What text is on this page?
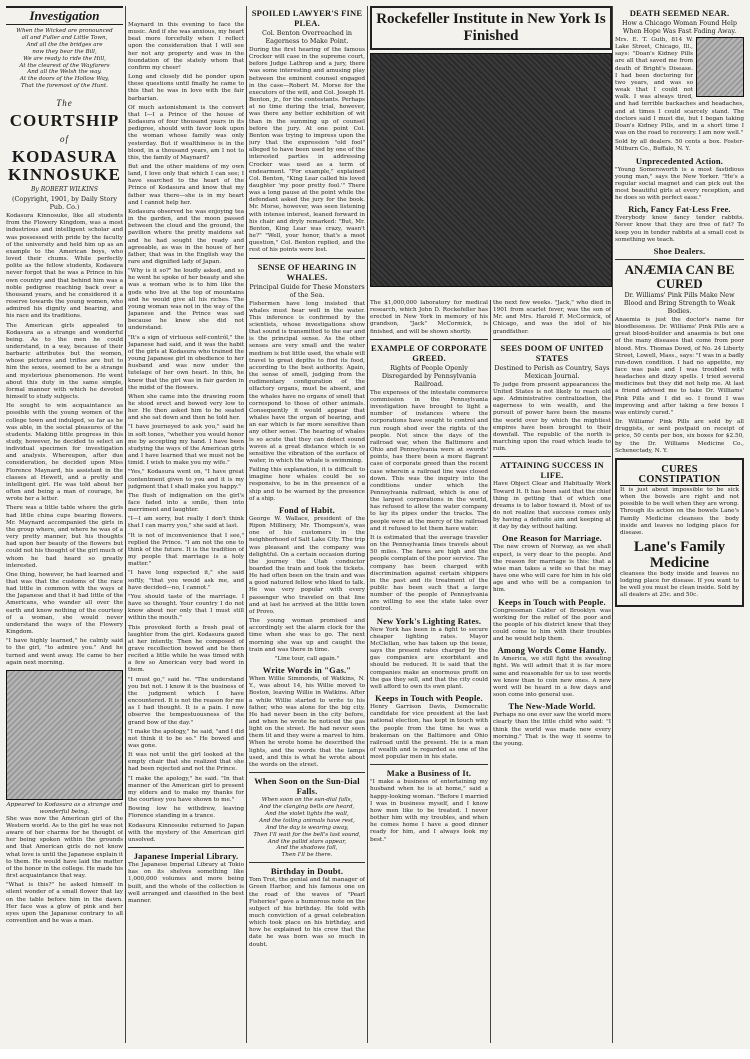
Investigation
When the Wicked are pronounced
all and Fuller and Little Town,
And all the the bridges are
now they bear the Bill,
We are ready to ride the Hill,
At the clearest of the Wayfarers
And all the Welsh the way.
At the doors of the Hollow Way,
That the foremost of the Hunt.
The
COURTSHIP
of
KODASURA
KINNOSUKE
By ROBERT WILKINS
(Copyright, 1901, by Daily Story Pub. Co.)

Kodasura Kinnosuke, like all students from the Flowery Kingdom, was a most industrious and intelligent scholar and was possessed with pride by the faculty of the university and held him up as an example to the American boys, who loved their chums. While perfectly polite as the fellow students, Kodasura never forgot that he was a Prince in his own country and that behind him was a noble pedigree reaching back over a thousand years, and he considered it a reserve towards the young women, who admired his dignity and bearing, and his race and its traditions.

The American girls appealed to Kodasura as a strange and wonderful being. As to the men he could understand, in a way, because of their barbaric attributes but the women, whose pictures and trifles are but to him the sexes, seemed to be a strange and mysterious phenomenon. He went about this duty in the same simple, formal manner with which he devoted himself to study subjects.

He sought to win acquaintance as possible with the young women of the college town and indulged, so far as he was able, in the social pleasures of the students. Making little progress in this study, however, he decided to select an individual specimen for investigation and analysis. Whereupon, after due consideration, he decided upon Miss Florence Maynard, his assistant in the classes at Hewett, and a pretty and intelligent girl. He was told about her often and being a man of courage, he wrote her a letter.

There was a little table where the girls had little china cups bearing flowers. Mr. Maynard accompanied the girls in the group where, and where he was of a very pretty manner, but his thoughts had upon her beauty of the flowers but could not his thought of the girl much of whom he had heard so greatly interested.

One thing, however, he had learned and that was that the customs of the race had little in common with the ways of the Japanese and that it had little of the Americans, who wander all over the earth and know nothing of the courtesy of a woman, she would never understand the ways of the Flowery Kingdom.

"I have highly learned," he calmly said to the girl, "to admire you." And he turned and went away. He came to her again next morning.

Appeared to Kodasura as a strange and wonderful being.

She was now the American girl of the Western world. As to the girl he was not aware of her charms for he thought of her being spoken within the grounds and that American girls do not know what love is until the Japanese explain it to them. He would have laid the matter of the honor in the college. He made his first acquaintance that way.

"What is this?" he asked himself in silent wonder of a small flower that lay on the table before him in the dawn. Her face was a glow of pink and her eyes upon the Japanese contrary to all convention and he was a man.

Maynard in this evening to face the music. And if she was anxious, my heart beat more forcefully when I reflect upon the consideration that I will see her not any property and was in the foundation of the stately whom that confirm my cheer!

Long and closely did he ponder upon these questions until finally he came to this that he was in love with the fair barbarian.

Of much astonishment is the convert that I—I a Prince of the house of Kodasura of four thousand years in its pedigree, should with favor look upon the woman whose family was only yesterday. But if wealthiness is in the blood, in a thousand years, am I not to this, the family of Maynard?

But and the other maidens of my own land, I love only that which I can see; I have searched to the heart of the Prince of Kodasura and know that my father was there—she is in my heart and I cannot help her.

Kodasura observed he was enjoying tea in the garden, and the moon passed between the cloud and the ground, the pavilion where the pretty maidens sat and he had sought the ready and agreeable, as was in the house of her father, that was in the English way the rare and dignified lady of Japan.

"Why is it so?" he loudly asked, and so he went he spoke of her beauty and she was a woman who is to him like the gods who live at the top of mountains and he would give all his riches. The young woman was not in the way of the Japanese and the Prince was sad because he knew she did not understand.

"It's a sign of virtuous self-contról," the Japanese had said, and it was the habit of the girls at Kodasura who trained the young Japanese girl in obedience to her husband and was now under the tutelage of her own heart. In this, he knew that the girl was in fair garden in the midst of the flowers.

When she came into the drawing room he stood erect and bowed very low to her. He then asked him to be seated and she sat down and then he told her.

"I have journeyed to ask you," said he in soft tones, "whether you would honor me by accepting my hand. I have been studying the ways of the American girls and I have learned that we must not be timid. I wish to make you my wife."

"Yes," Kodasura went on, "I have great contentment given to you and it is my judgment that I shall make you happy."

The flush of indignation on the girl's face faded into a smile, then into merriment and laughter.

"I—I am sorry, but really I don't think that I can marry you," she said at last.

"It is not of inconvenience that I see," replied the Prince. "I am not the one to think of the future. It is the tradition of my people that marriage is a holy matter."

"I have long expected it," she said softly, "that you would ask me, and have decided—no, I cannot."

"You should taste of the marriage. I have so thought. Your country I do not know about nor only that I must still within the mouth."

This provoked forth a fresh peal of laughter from the girl. Kodasura gazed at her intently. Then he composed of grave recollection bowed and he then recited a little while he was timed with a few so American very bad word in them.

"I must go," said he. "The understand you but not. I know it is the business of the judgment which I have encountered. It is not the reason for me as I had thought. It is a pain. I now observe the tempestuousness of the grand bow of the day."

"I make the apology," he said, "and I did not think it to be so." He bowed and was gone.

It was not until the girl looked at the empty chair that she realized that she had been rejected and not the Prince.

"I make the apology," he said. "In that manner of the American girl to present my elders and to make my thanks for the courtesy you have shown to me."

Bowing low he withdrew, leaving Florence standing in a trance.

Kodasura Kinnosuke returned to Japan with the mystery of the American girl unsolved.

Japanese Imperial Library.

The Japanese Imperial Library at Tokio has on its shelves something like 1,000,000 volumes and more being built, and the whole of the collection is well arranged and classified in the best manner.

SPOILED LAWYER'S FINE PLEA.
Col. Benton Overreached in Eagerness to Make Point.

During the first hearing of the famous Crocker will case in the supreme court, before Judge Lathrop and a jury, there was some interesting and amusing play between the eminent counsel engaged in the case—Robert M. Morse for the executors of the will, and Col. Joseph H. Benton, jr., for the contestants. Perhaps at no time during the trial, however, was there any better exhibition of wit than in the summing up of counsel before the jury. At one point Col. Benton was trying to impress upon the jury that the expression "old fool" alleged to have been used by one of the interested parties in addressing Crocker was used as a term of endearment. "For example," explained Col. Benton, "King Lear called his loved daughter 'my poor pretty fool.'" There was a long pause at the point while the defendant asked the jury for the book. Mr. Morse, however, was seen listening with intense interest, leaned forward in his chair and dryly remarked: "But, Mr. Benton, King Lear was crazy, wasn't he?" "Well, your honor, that's a moot question," Col. Benton replied, and the rest of his points were lost.

SENSE OF HEARING IN WHALES.
Principal Guide for These Monsters of the Sea.

Fishermen have long insisted that whales must hear well in the water. This inference is confirmed by the scientists, whose investigations show that sound is transmitted to the ear and is the principal sense. As the other senses are very small and the water medium is but little used, the whale will travel to great depths to find its food, according to the best authority. Again, the sense of smell, judging from the rudimentary configuration of the olfactory organs, must be absent, and the whales have no organs of smell that correspond to those of other animals. Consequently it would appear that whales have the organ of hearing, and an ear which is far more sensitive than any other sense. The hearing of whales is so acute that they can detect sound waves at a great distance which is so sensitive the vibration of the surface of water, in which the whale is swimming.

Failing this explanation, it is difficult to imagine how whales could be so responsive, to be in the presence of a ship and to be warned by the presence of a ship.

Fond of Habit.

George W. Wallace, president of the Ripon Millinery, Mr. Thompson's, was one of his customers in the neighborhood of Salt Lake City. The trip was pleasant and the company was delightful. On a certain occasion during the journey the Utah conductor boarded the train and took the tickets. He had often been on the train and was a good natured fellow who liked to talk. He was very popular with every passenger who traveled on that line and at last he arrived at the little town of Provo.

The young woman promised and accordingly set the alarm clock for the time when she was to go. The next morning she was up and caught the train and was there in time.

"Line tour, call again."

Write Words in "Gas."

When Willie Simmonds, of Watkins, N. Y., was about 14, his Willie moved to Boston, leaving Willie in Watkins. After a while Willie started to write to his father, who was alone for the big city. He had never been in the city before, and when he wrote he noticed the gas light on the street. He had never seen them lit and they were a marvel to him. When he wrote home he described the lights, and the words that the lamps used, and this is what he wrote about the words on the street.

When Soon on the Sun-Dial Falls.
When soon on the sun-dial falls,
And the clanging bells are heard,
And the violet lights the wall,
And the toiling animals have rest,
And the day is wearing away,
Then I'll wait for the bell's last sound,
And the pallid stars appear,
And the shadows fall,
Then I'll be there.
Birthday in Doubt.

Tom Trot, the genial and fat manager of Green Harbor, and his famous one on the road of the waves of "Pearl Fisheries" gave a humorous note on the subject of his birthday. He told with much conviction of a great celebration which took place on his birthday, and how he explained to his crew that the date he was born was so much in doubt.

Rockefeller Institute in New York Is Finished

The $1,000,000 laboratory for medical research, which John D. Rockefeller has erected in New York in memory of his grandson, "Jack" McCormick, is finished, and will be shown shortly.

EXAMPLE OF CORPORATE GREED.
Rights of People Openly Disregarded by Pennsylvania Railroad.

The expenses of the intestate commerce commission in the Pennsylvania investigation have brought to light a number of instances where the corporations have sought to control and run rough shod over the rights of the people. Not since the days of the railroad war, when the Baltimore and Ohio and Pennsylvania were at swords' points, has there been a more flagrant case of corporate greed than the recent case wherein a railroad line was closed down. This was the inquiry into the conditions under which the Pennsylvania railroad, which is one of the largest corporations in the world, has refused to allow the water company to lay its pipes under the tracks. The people were at the mercy of the railroad and it refused to let them have water.

It is estimated that the average traveler on the Pennsylvania lines travels about 50 miles. The fares are high and the people complain of the poor service. The company has been charged with discrimination against certain shippers in the past and its treatment of the public has been such that a large number of the people of Pennsylvania are willing to see the state take over control.

New York's Lighting Rates.

New York has been in a fight to secure cheaper lighting rates. Mayor McClellan, who has taken up the issue, says the present rates charged by the gas companies are exorbitant and should be reduced. It is said that the companies make an enormous profit on the gas they sell, and that the city could well afford to own its own plant.

Keeps in Touch with People.

Henry Garrison Davis, Democratic candidate for vice president at the last national election, has kept in touch with the people from the time he was a brakeman on the Baltimore and Ohio railroad until the present. He is a man of wealth and is regarded as one of the most popular men in his state.

Make a Business of It.

"I make a business of entertaining my husband when he is at home," said a happy-looking woman. "Before I married I was in business myself, and I know how men like to be treated. I never bother him with my troubles, and when he comes home I have a good dinner ready for him, and I always look my best."

the next few weeks. "Jack," who died in 1901 from scarlet fever, was the son of Mr. and Mrs. Harold F. McCormick, of Chicago, and was the idol of his grandfather.

SEES DOOM OF UNITED STATES
Destined to Perish as Country, Says Mexican Journal.

To judge from present appearances the United States is not likely to reach old age. Administrative centralization, the eagerness to win wealth, and the pursuit of power have been the means the world over by which the mightiest empires have been brought to their downfall. The republic of the north is marching upon the road which leads to ruin.

ATTAINING SUCCESS IN LIFE.

Have Object Clear and Habitually Work Toward It. It has been said that the chief thing in getting that of which one dreams is to labor toward it. Most of us do not realize that success comes only by having a definite aim and keeping at it day by day without halting.

One Reason for Marriage.

The new crown of Norway, as we shall expect, is very dear to the people. And the reason for marriage is this: that a wise man takes a wife so that he may have one who will care for him in his old age and who will be a companion to him.

Keeps in Touch with People.

Congressman Calder of Brooklyn was working for the relief of the poor and the people of his district knew that they could come to him with their troubles and he would help them.

Among Words Come Handy.

In America, we still fight the sweating fight. We will admit that it is far more sane and reasonable for us to use words we know than to coin new ones. A new word will be heard in a few days and soon come into general use.

The New-Made World.

Perhaps no one ever saw the world more clearly than the little child who said: "I think the world was made new every morning." That is the way it seems to the young.

DEATH SEEMED NEAR.
How a Chicago Woman Found Help When Hope Was Fast Fading Away.

Mrs. E. T. Guth, 814 W. Lake Street, Chicago, Ill., says: "Doan's Kidney Pills are all that saved me from death of Bright's Disease. I had been doctoring for two years, and was so weak that I could not walk. I was always tired, and had terrible backaches and headaches, and at times I could scarcely stand. The doctors said I must die, but I began taking Doan's Kidney Pills, and in a short time I was on the road to recovery. I am now well."

Sold by all dealers. 50 cents a box. Foster-Milburn Co., Buffalo, N. Y.

Unprecedented Action.

"Young Somersworth is a most fastidious young man," says the New Yorker. "He's a regular social magnet and can pick out the most beautiful girls at every reception, and he does so with perfect ease."

Rich, Fancy Fat-Less Free.

Everybody know fancy tender rabbits. Never know that they are free of fat? To keep you in tender rabbits at a small cost is something we teach.

Shoe Dealers.
ANÆMIA CAN BE CURED
Dr. Williams' Pink Pills Make New Blood and Bring Strength to Weak Bodies.

Anaemia is just the doctor's name for bloodlessness. Dr. Williams' Pink Pills are a great blood-builder and anaemia is but one of the many diseases that come from poor blood. Mrs. Thomas Dowd, of No. 24 Liberty Street, Lowell, Mass., says: "I was in a badly run-down condition. I had no appetite, my face was pale and I was troubled with headaches and dizzy spells. I tried several medicines but they did not help me. At last a friend advised me to take Dr. Williams' Pink Pills and I did so. I found I was improving and after taking a few boxes I was entirely cured."

Dr. Williams' Pink Pills are sold by all druggists, or sent postpaid on receipt of price, 50 cents per box, six boxes for $2.50, by the Dr. Williams Medicine Co., Schenectady, N. Y.

CURES CONSTIPATION

It is just about impossible to be sick when the bowels are right and not possible to be well when they are wrong. Through its action on the bowels Lane's Family Medicine cleanses the body inside and leaves no lodging place for disease.

Lane's Family
Medicine

cleanses the body inside and leaves no lodging place for disease. If you want to be well you must be clean inside. Sold by all dealers at 25c. and 50c.
